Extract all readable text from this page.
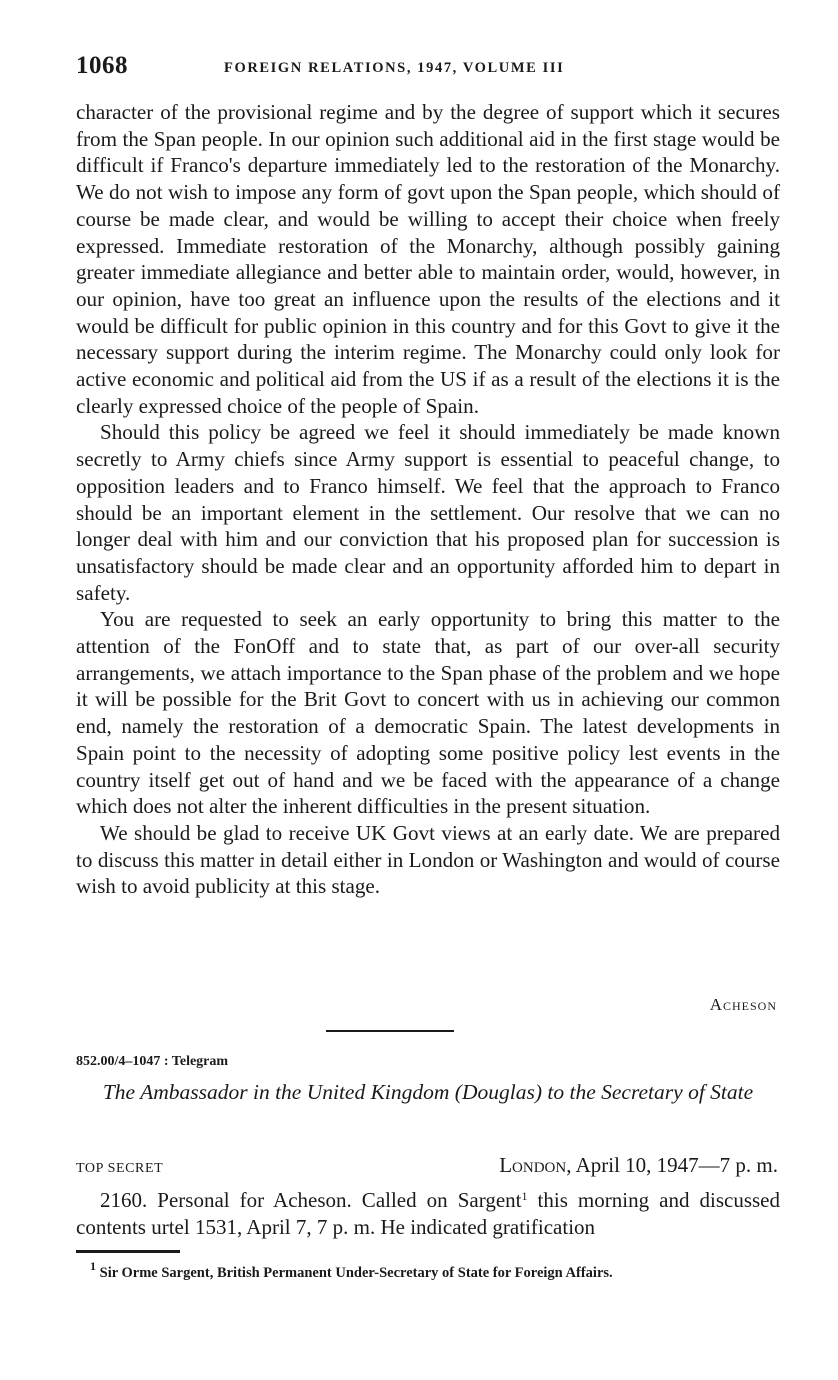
1068	FOREIGN RELATIONS, 1947, VOLUME III

character of the provisional regime and by the degree of support which it secures from the Span people. In our opinion such additional aid in the first stage would be difficult if Franco's departure immediately led to the restoration of the Monarchy. We do not wish to impose any form of govt upon the Span people, which should of course be made clear, and would be willing to accept their choice when freely expressed. Immediate restoration of the Monarchy, although possibly gaining greater immediate allegiance and better able to maintain order, would, however, in our opinion, have too great an influence upon the results of the elections and it would be difficult for public opinion in this country and for this Govt to give it the necessary support during the interim regime. The Monarchy could only look for active economic and political aid from the US if as a result of the elections it is the clearly expressed choice of the people of Spain.

Should this policy be agreed we feel it should immediately be made known secretly to Army chiefs since Army support is essential to peaceful change, to opposition leaders and to Franco himself. We feel that the approach to Franco should be an important element in the settlement. Our resolve that we can no longer deal with him and our conviction that his proposed plan for succession is unsatisfactory should be made clear and an opportunity afforded him to depart in safety.

You are requested to seek an early opportunity to bring this matter to the attention of the FonOff and to state that, as part of our over-all security arrangements, we attach importance to the Span phase of the problem and we hope it will be possible for the Brit Govt to concert with us in achieving our common end, namely the restoration of a democratic Spain. The latest developments in Spain point to the necessity of adopting some positive policy lest events in the country itself get out of hand and we be faced with the appearance of a change which does not alter the inherent difficulties in the present situation.

We should be glad to receive UK Govt views at an early date. We are prepared to discuss this matter in detail either in London or Washington and would of course wish to avoid publicity at this stage.

Acheson
852.00/4–1047 : Telegram
The Ambassador in the United Kingdom (Douglas) to the Secretary of State
TOP SECRET	London, April 10, 1947—7 p. m.

2160. Personal for Acheson. Called on Sargent$^1$ this morning and discussed contents urtel 1531, April 7, 7 p. m. He indicated gratification

$^1$ Sir Orme Sargent, British Permanent Under-Secretary of State for Foreign Affairs.
